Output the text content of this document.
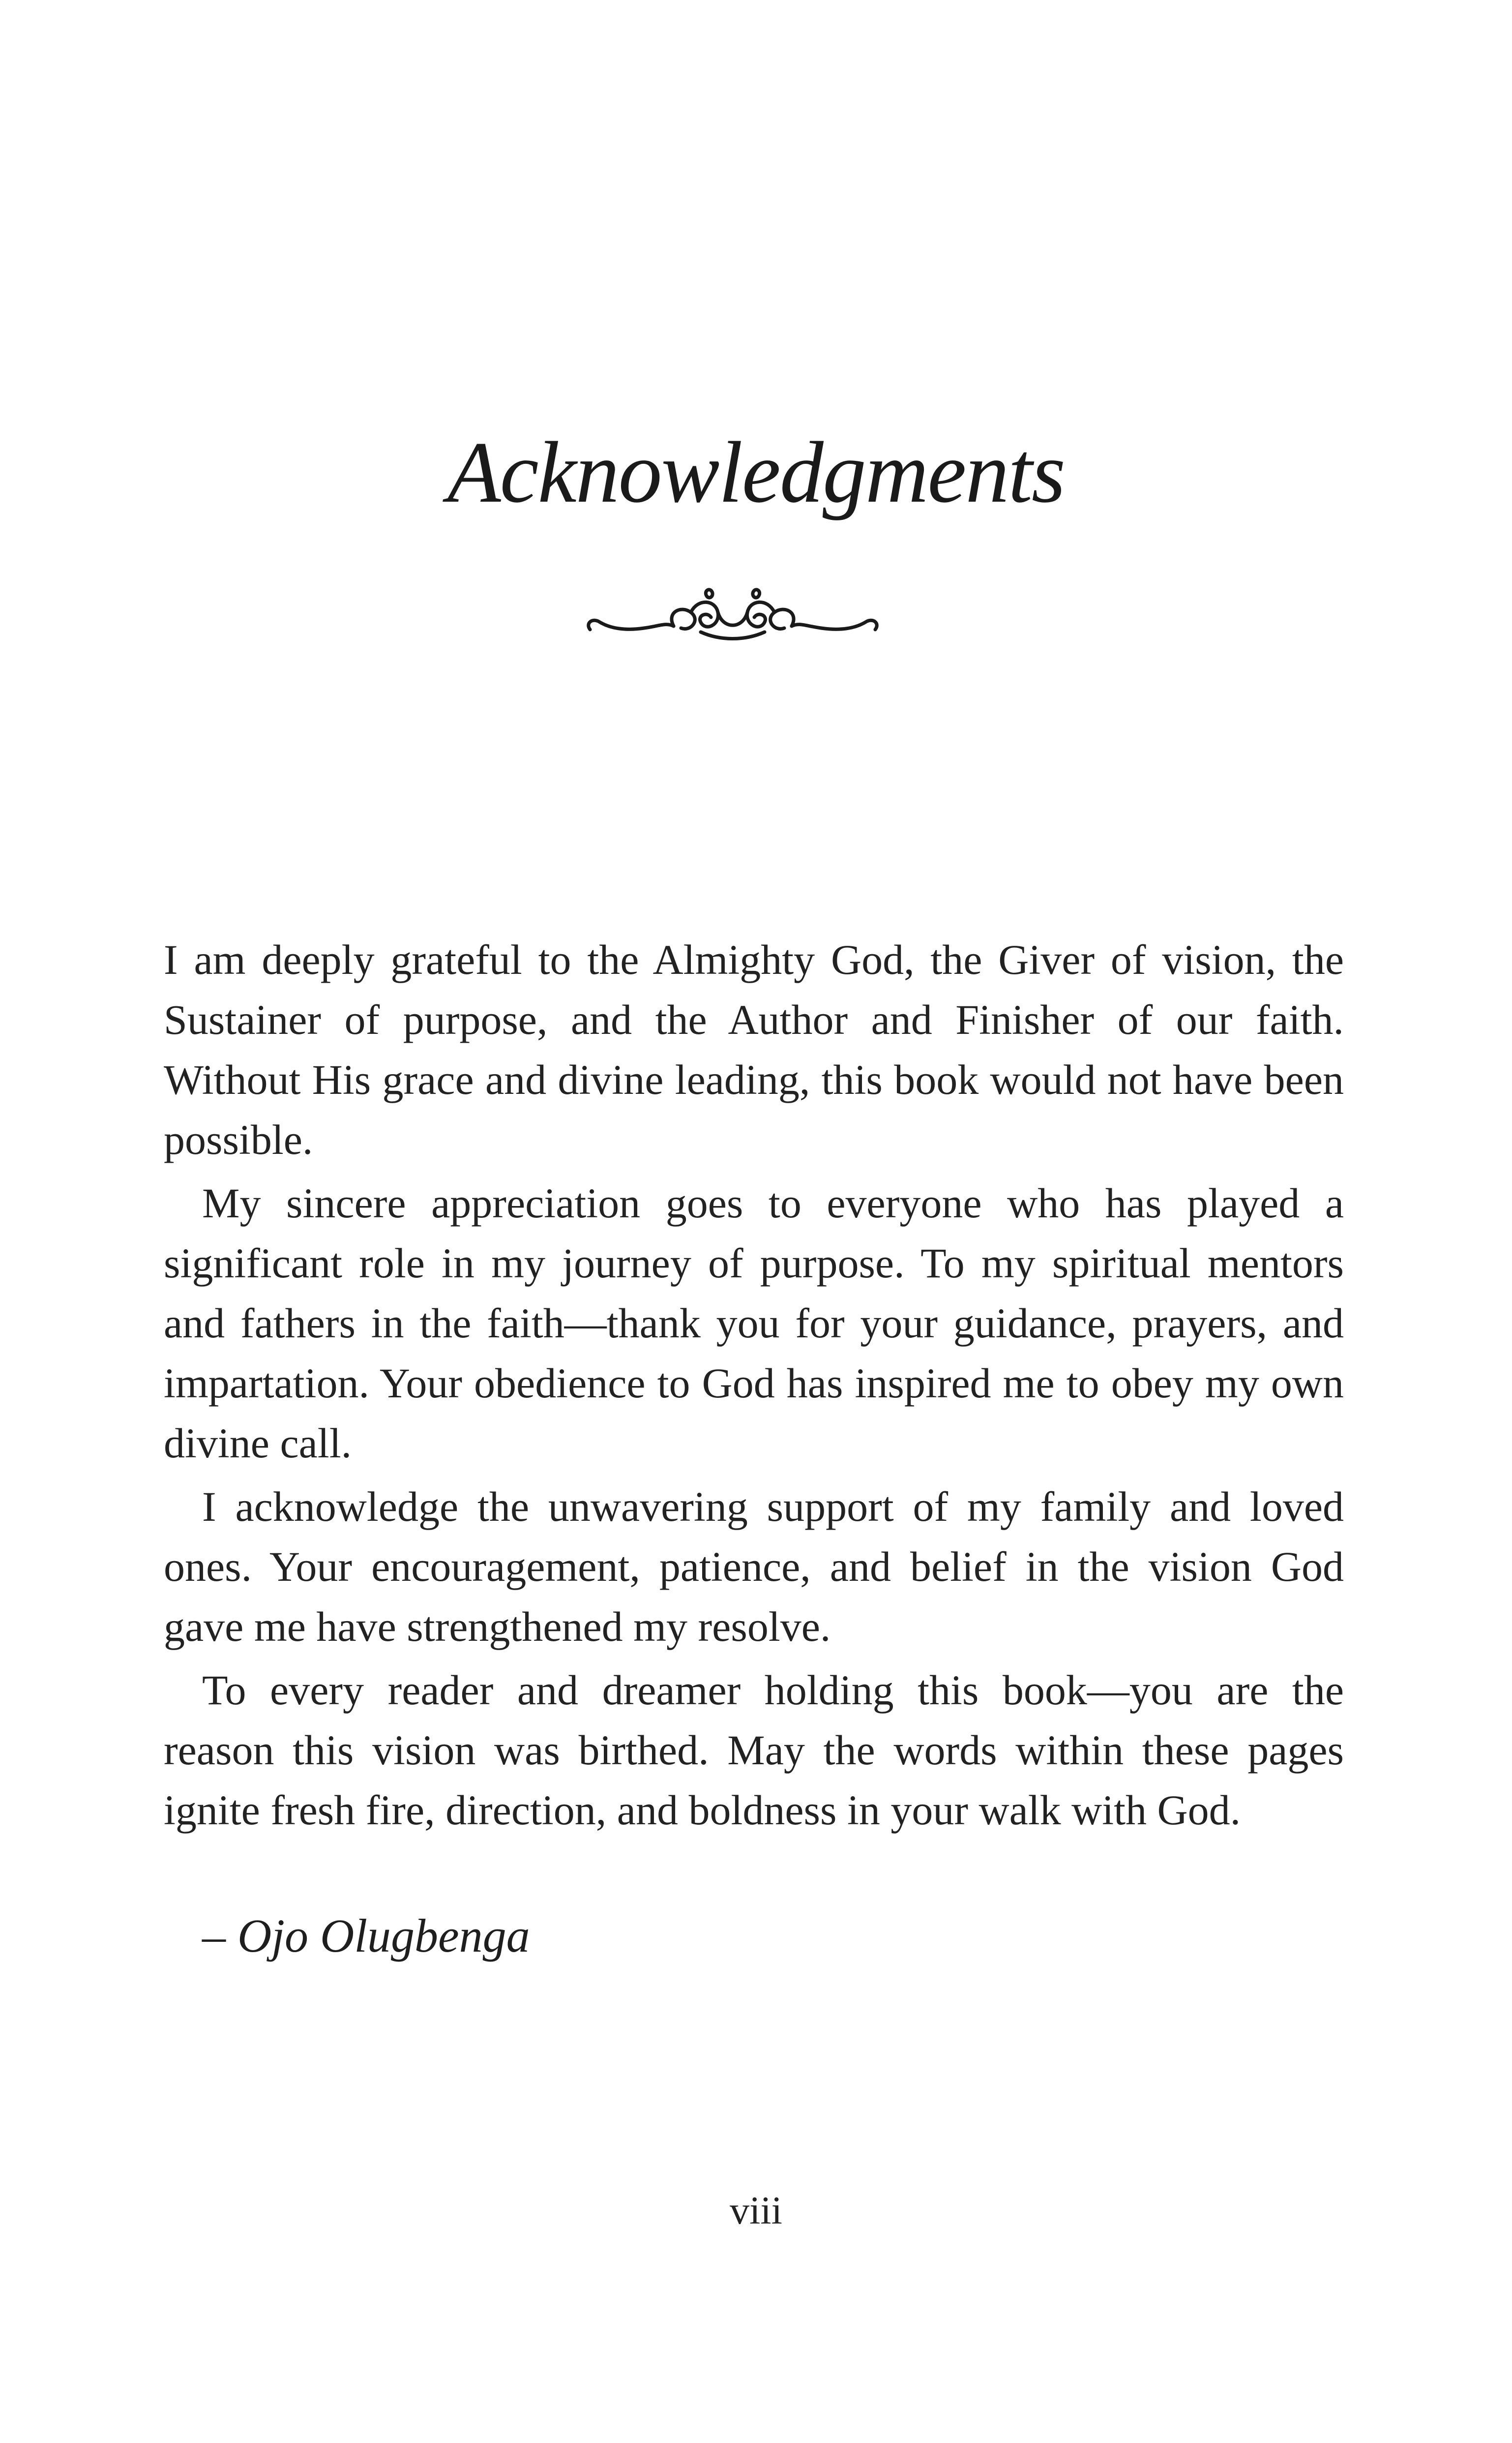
Acknowledgments

I am deeply grateful to the Almighty God, the Giver of vision, the Sustainer of purpose, and the Author and Finisher of our faith. Without His grace and divine leading, this book would not have been possible.

My sincere appreciation goes to everyone who has played a significant role in my journey of purpose. To my spiritual mentors and fathers in the faith—thank you for your guidance, prayers, and impartation. Your obedience to God has inspired me to obey my own divine call.

I acknowledge the unwavering support of my family and loved ones. Your encouragement, patience, and belief in the vision God gave me have strengthened my resolve.

To every reader and dreamer holding this book—you are the reason this vision was birthed. May the words within these pages ignite fresh fire, direction, and boldness in your walk with God.

– Ojo Olugbenga
viii
